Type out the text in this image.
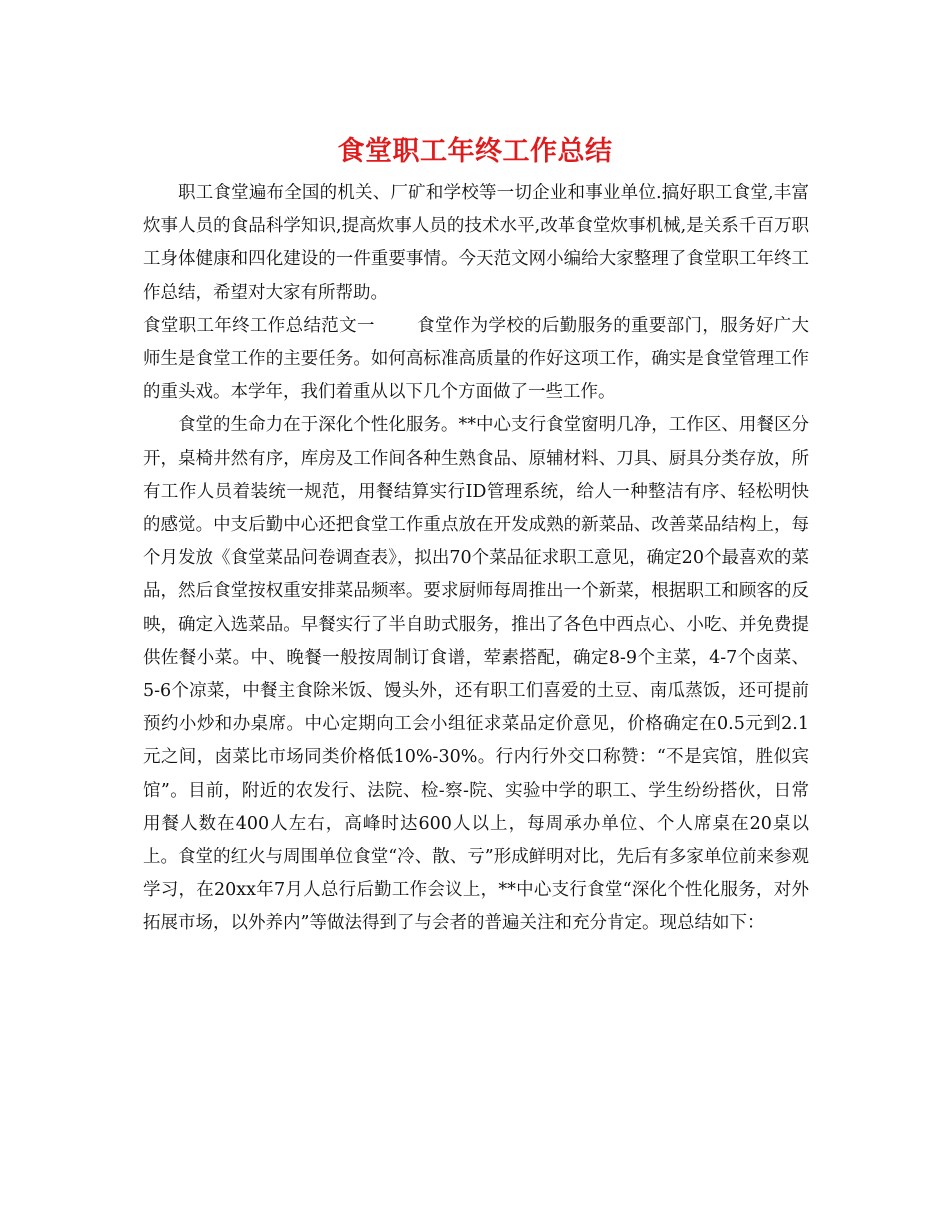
食堂职工年终工作总结

职工食堂遍布全国的机关、厂矿和学校等一切企业和事业单位.搞好职工食堂,丰富炊事人员的食品科学知识,提高炊事人员的技术水平,改革食堂炊事机械,是关系千百万职工身体健康和四化建设的一件重要事情。今天范文网小编给大家整理了食堂职工年终工作总结，希望对大家有所帮助。

食堂职工年终工作总结范文一 食堂作为学校的后勤服务的重要部门，服务好广大师生是食堂工作的主要任务。如何高标准高质量的作好这项工作，确实是食堂管理工作的重头戏。本学年，我们着重从以下几个方面做了一些工作。

食堂的生命力在于深化个性化服务。**中心支行食堂窗明几净，工作区、用餐区分开，桌椅井然有序，库房及工作间各种生熟食品、原辅材料、刀具、厨具分类存放，所有工作人员着装统一规范，用餐结算实行ID管理系统，给人一种整洁有序、轻松明快的感觉。中支后勤中心还把食堂工作重点放在开发成熟的新菜品、改善菜品结构上，每个月发放《食堂菜品问卷调查表》，拟出70个菜品征求职工意见，确定20个最喜欢的菜品，然后食堂按权重安排菜品频率。要求厨师每周推出一个新菜，根据职工和顾客的反映，确定入选菜品。早餐实行了半自助式服务，推出了各色中西点心、小吃、并免费提供佐餐小菜。中、晚餐一般按周制订食谱，荤素搭配，确定8-9个主菜，4-7个卤菜、5-6个凉菜，中餐主食除米饭、馒头外，还有职工们喜爱的土豆、南瓜蒸饭，还可提前预约小炒和办桌席。中心定期向工会小组征求菜品定价意见，价格确定在0.5元到2.1元之间，卤菜比市场同类价格低10%-30%。行内行外交口称赞：“不是宾馆，胜似宾馆”。目前，附近的农发行、法院、检-察-院、实验中学的职工、学生纷纷搭伙，日常用餐人数在400人左右，高峰时达600人以上，每周承办单位、个人席桌在20桌以上。食堂的红火与周围单位食堂“冷、散、亏”形成鲜明对比，先后有多家单位前来参观学习，在20xx年7月人总行后勤工作会议上，**中心支行食堂“深化个性化服务，对外拓展市场，以外养内”等做法得到了与会者的普遍关注和充分肯定。现总结如下：
